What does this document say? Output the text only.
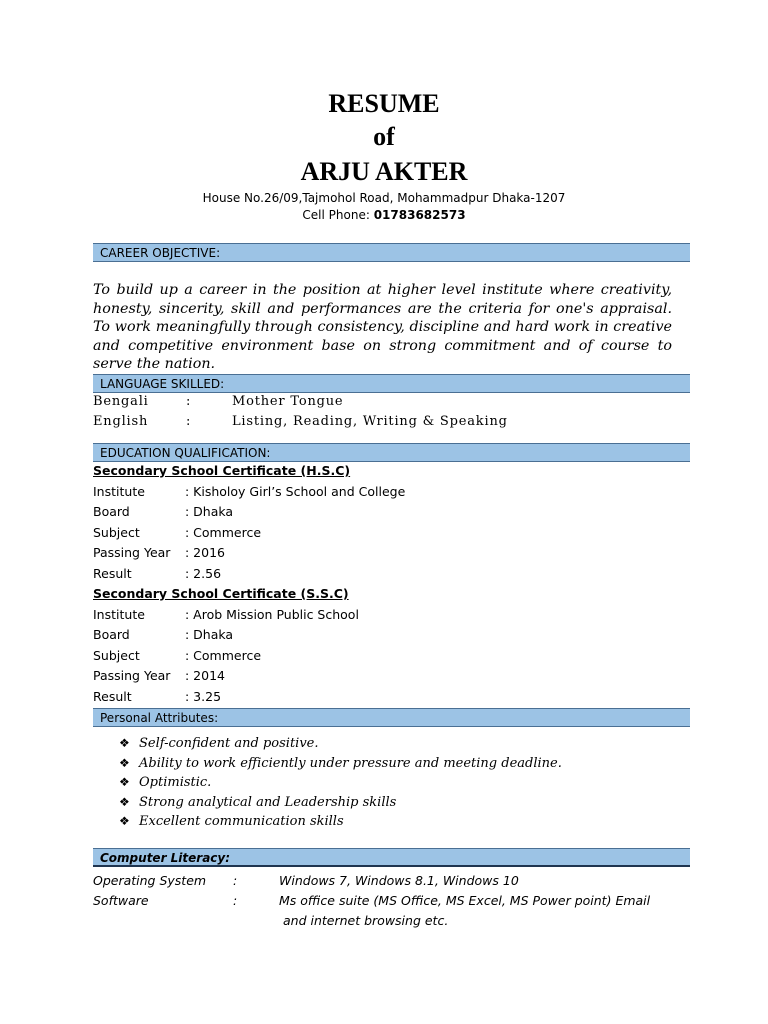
RESUME
of
ARJU AKTER
House No.26/09,Tajmohol Road, Mohammadpur Dhaka-1207
Cell Phone: 01783682573
CAREER OBJECTIVE:
To build up a career in the position at higher level institute where creativity, honesty, sincerity, skill and performances are the criteria for one's appraisal. To work meaningfully through consistency, discipline and hard work in creative and competitive environment base on strong commitment and of course to serve the nation.
LANGUAGE SKILLED:
Bengali	:	Mother Tongue
English	:	Listing, Reading, Writing & Speaking
EDUCATION QUALIFICATION:
Secondary School Certificate (H.S.C)
Institute	: Kisholoy Girl’s School and College
Board	: Dhaka
Subject	: Commerce
Passing Year : 2016
Result	: 2.56
Secondary School Certificate (S.S.C)
Institute	: Arob Mission Public School
Board	: Dhaka
Subject	: Commerce
Passing Year : 2014
Result	: 3.25
Personal Attributes:
❖ Self-confident and positive.
❖ Ability to work efficiently under pressure and meeting deadline.
❖ Optimistic.
❖ Strong analytical and Leadership skills
❖ Excellent communication skills
Computer Literacy:
Operating System :	Windows 7, Windows 8.1, Windows 10
Software	:	Ms office suite (MS Office, MS Excel, MS Power point) Email
and internet browsing etc.
